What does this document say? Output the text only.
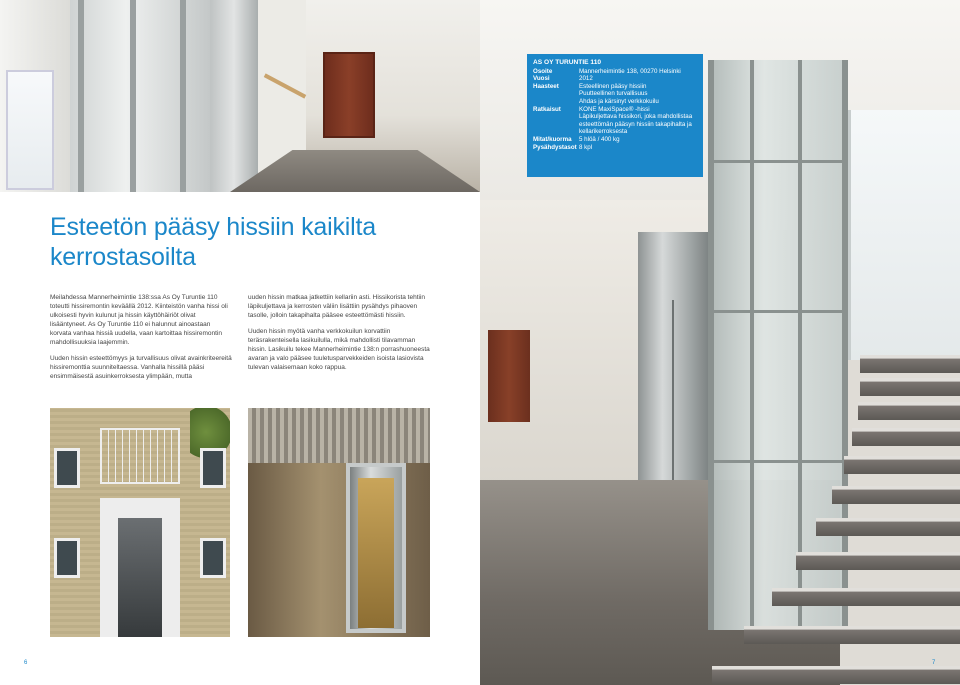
AS OY TURUNTIE 110
Osoite	Mannerheimintie 138, 00270 Helsinki
Vuosi	2012
Haasteet	Esteellinen pääsy hissiin
Puutteellinen turvallisuus
Ahdas ja kärsinyt verkkokuilu
Ratkaisut	KONE MaxiSpace® -hissi
Läpikuljettava hissikori, joka mahdollistaa
esteettömän pääsyn hissiin takapihalta ja
kellarikerroksesta
Mitat/kuorma	5 hlöä / 400 kg
Pysähdystasot 8 kpl
Esteetön pääsy hissiin kaikilta
kerrostasoilta

Meilahdessa Mannerheimintie 138:ssa As Oy Turuntie 110 toteutti hissiremontin keväällä 2012. Kiinteistön vanha hissi oli ulkoisesti hyvin kulunut ja hissin käyttöhäiriöt olivat lisääntyneet. As Oy Turuntie 110 ei halunnut ainoastaan korvata vanhaa hissiä uudella, vaan kartoittaa hissiremontin mahdollisuuksia laajemmin.

Uuden hissin esteettömyys ja turvallisuus olivat avainkriteereitä hissiremonttia suunniteltaessa. Vanhalla hissillä pääsi ensimmäisestä asuinkerroksesta ylimpään, mutta

uuden hissin matkaa jatkettiin kellariin asti. Hissikorista tehtiin läpikuljettava ja kerrosten väliin lisättiin pysähdys pihaoven tasolle, jolloin takapihalta pääsee esteettömästi hissiin.

Uuden hissin myötä vanha verkkokuilun korvattiin teräsrakenteisella lasikuilulla, mikä mahdollisti tilavamman hissin. Lasikuilu tekee Mannerheimintie 138:n porrashuoneesta avaran ja valo pääsee tuuletusparvekkeiden isoista lasiovista tulevan valaisemaan koko rappua.

6	7
